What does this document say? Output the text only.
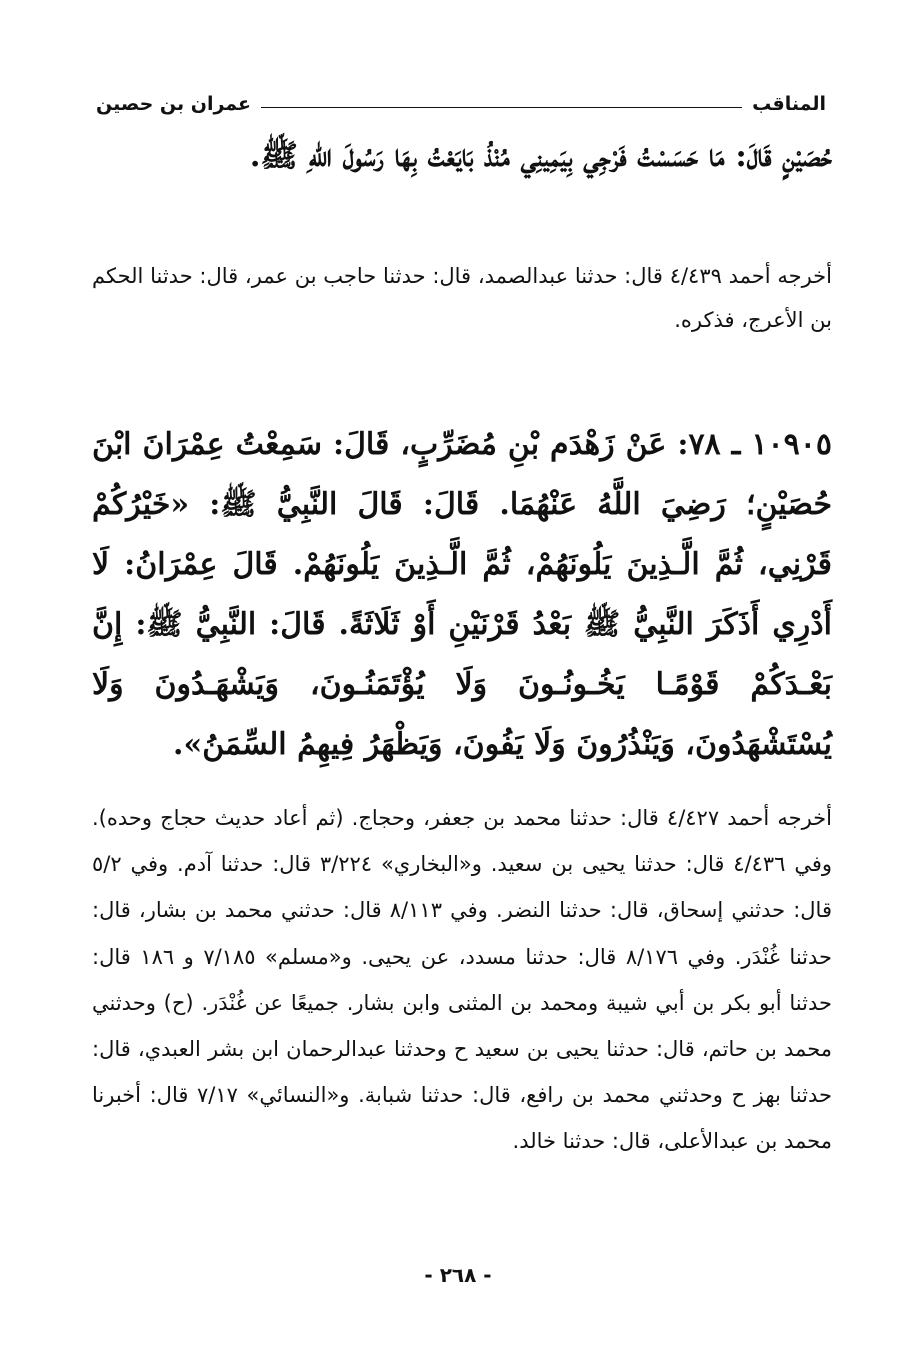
المناقب
عمران بن حصين
حُصَيْنٍ قَالَ: مَا حَسَسْتُ فَرْجِي بِيَمِينِي مُنْذُ بَايَعْتُ بِهَا رَسُولَ اللهِ ﷺ.
أخرجه أحمد ٤/٤٣٩ قال: حدثنا عبدالصمد، قال: حدثنا حاجب بن عمر، قال: حدثنا الحكم بن الأعرج، فذكره.
١٠٩٠٥ ـ ٧٨: عَنْ زَهْدَم بْنِ مُضَرِّبٍ، قَالَ: سَمِعْتُ عِمْرَانَ ابْنَ حُصَيْنٍ؛ رَضِيَ اللَّهُ عَنْهُمَا. قَالَ: قَالَ النَّبِيُّ ﷺ: «خَيْرُكُمْ قَرْنِي، ثُمَّ الَّـذِينَ يَلُونَهُمْ، ثُمَّ الَّـذِينَ يَلُونَهُمْ. قَالَ عِمْرَانُ: لَا أَدْرِي أَذَكَرَ النَّبِيُّ ﷺ بَعْدُ قَرْنَيْنِ أَوْ ثَلَاثَةً. قَالَ: النَّبِيُّ ﷺ: إِنَّ بَعْـدَكُمْ قَوْمًـا يَخُـونُـونَ وَلَا يُؤْتَمَنُـونَ، وَيَشْهَـدُونَ وَلَا يُسْتَشْهَدُونَ، وَيَنْذُرُونَ وَلَا يَفُونَ، وَيَظْهَرُ فِيهِمُ السِّمَنُ».
أخرجه أحمد ٤/٤٢٧ قال: حدثنا محمد بن جعفر، وحجاج. (ثم أعاد حديث حجاج وحده). وفي ٤/٤٣٦ قال: حدثنا يحيى بن سعيد. و«البخاري» ٣/٢٢٤ قال: حدثنا آدم. وفي ٥/٢ قال: حدثني إسحاق، قال: حدثنا النضر. وفي ٨/١١٣ قال: حدثني محمد بن بشار، قال: حدثنا غُنْدَر. وفي ٨/١٧٦ قال: حدثنا مسدد، عن يحيى. و«مسلم» ٧/١٨٥ و ١٨٦ قال: حدثنا أبو بكر بن أبي شيبة ومحمد بن المثنى وابن بشار. جميعًا عن غُنْدَر. (ح) وحدثني محمد بن حاتم، قال: حدثنا يحيى بن سعيد ح وحدثنا عبدالرحمان ابن بشر العبدي، قال: حدثنا بهز ح وحدثني محمد بن رافع، قال: حدثنا شبابة. و«النسائي» ٧/١٧ قال: أخبرنا محمد بن عبدالأعلى، قال: حدثنا خالد.
- ٢٦٨ -
